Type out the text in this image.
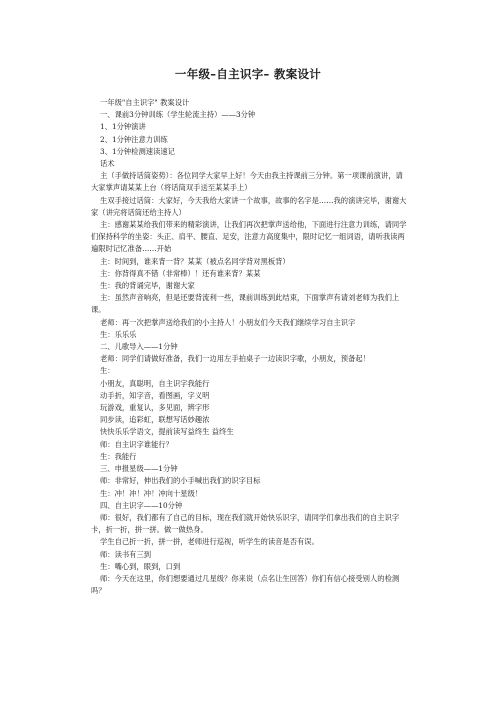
一年级–自主识字– 教案设计

一年级"自主识字" 教案设计

一、课前3分钟训练（学生轮流主持）——3分钟

1、1分钟演讲

2、1分钟注意力训练

3、1分钟检测速读速记

话术

主（手做持话筒姿势）：各位同学大家早上好！今天由我主持课前三分钟。第一项课前演讲，请大家掌声请某某上台（将话筒双手送至某某手上）

生双手接过话筒：大家好，今天我给大家讲一个故事，故事的名字是……我的演讲完毕，谢谢大家（讲完将话筒还给主持人）

主：感谢某某给我们带来的精彩演讲，让我们再次把掌声送给他，下面进行注意力训练，请同学们保持科学的坐姿：头正、肩平、腰直、足安，注意力高度集中，限时记忆一组词语，请听我读两遍限时记忆准备……开始

主：时间到，谁来背一背？某某（被点名同学背对黑板背）

主：你背得真不错（非常棒）！还有谁来背？某某

生：我的背诵完毕，谢谢大家

主：虽然声音响亮，但是还要背流利一些，课前训练到此结束，下面掌声有请刘老师为我们上课。

老师：再一次把掌声送给我们的小主持人！小朋友们今天我们继续学习自主识字

生：乐乐乐

二、儿歌导入——1分钟

老师：同学们请做好准备，我们一边用左手拍桌子一边读识字歌，小朋友，预备起！

生：

小朋友，真聪明，自主识字我能行

动手折，知字音，看图画，字义明

玩游戏，重复认，多见面，辨字形

同步读，追彩虹，联想写话妙趣浓

快快乐乐学语文，提前读写益终生 益终生

师：自主识字谁能行？

生：我能行

三、申报星级——1分钟

师：非常好，伸出我们的小手喊出我们的识字目标

生：冲！冲！冲！冲向十星级！

四、自主识字——10分钟

师：很好，我们都有了自己的目标，现在我们就开始快乐识字，请同学们拿出我们的自主识字卡，折一折，拼一拼。做一做热身。

学生自己折一折，拼一拼，老师进行巡视，听学生的读音是否有误。

师：读书有三到

生：嘴心到，眼到，口到

师：今天在这里，你们想要通过几星级？你来说（点名让生回答）你们有信心接受别人的检测吗？
